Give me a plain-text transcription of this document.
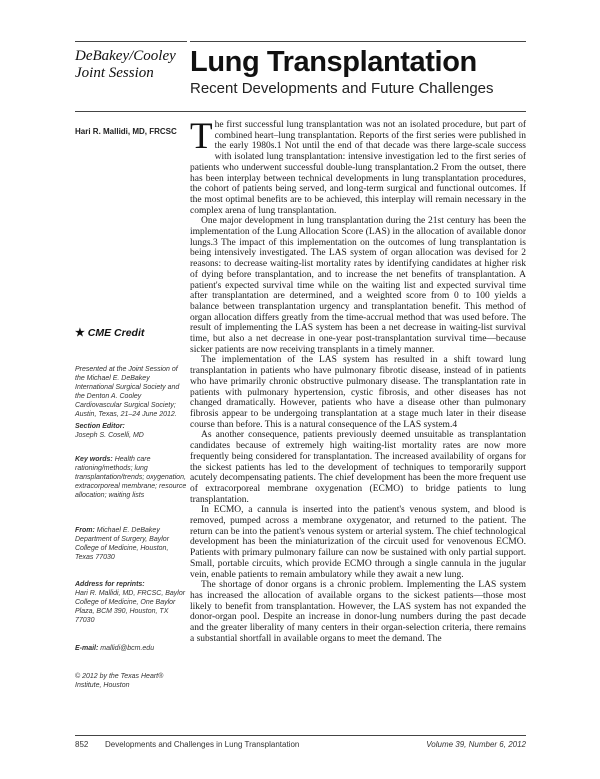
DeBakey/Cooley Joint Session	Lung Transplantation
Recent Developments and Future Challenges
Hari R. Mallidi, MD, FRCSC
★ CME Credit
Presented at the Joint Session of the Michael E. DeBakey International Surgical Society and the Denton A. Cooley Cardiovascular Surgical Society; Austin, Texas, 21–24 June 2012.
Section Editor:
Joseph S. Coselli, MD
Key words: Health care rationing/methods; lung transplantation/trends; oxygenation, extracorporeal membrane; resource allocation; waiting lists
From: Michael E. DeBakey Department of Surgery, Baylor College of Medicine, Houston, Texas 77030
Address for reprints:
Hari R. Mallidi, MD, FRCSC, Baylor College of Medicine, One Baylor Plaza, BCM 390, Houston, TX 77030
E-mail: mallidi@bcm.edu
© 2012 by the Texas Heart® Institute, Houston

The first successful lung transplantation was not an isolated procedure, but part of combined heart–lung transplantation. Reports of the first series were published in the early 1980s.1 Not until the end of that decade was there large-scale success with isolated lung transplantation: intensive investigation led to the first series of patients who underwent successful double-lung transplantation.2 From the outset, there has been interplay between technical developments in lung transplantation procedures, the cohort of patients being served, and long-term surgical and functional outcomes. If the most optimal benefits are to be achieved, this interplay will remain necessary in the complex arena of lung transplantation.

One major development in lung transplantation during the 21st century has been the implementation of the Lung Allocation Score (LAS) in the allocation of available donor lungs.3 The impact of this implementation on the outcomes of lung transplantation is being intensively investigated. The LAS system of organ allocation was devised for 2 reasons: to decrease waiting-list mortality rates by identifying candidates at higher risk of dying before transplantation, and to increase the net benefits of transplantation. A patient's expected survival time while on the waiting list and expected survival time after transplantation are determined, and a weighted score from 0 to 100 yields a balance between transplantation urgency and transplantation benefit. This method of organ allocation differs greatly from the time-accrual method that was used before. The result of implementing the LAS system has been a net decrease in waiting-list survival time, but also a net decrease in one-year post-transplantation survival time—because sicker patients are now receiving transplants in a timely manner.

The implementation of the LAS system has resulted in a shift toward lung transplantation in patients who have pulmonary fibrotic disease, instead of in patients who have primarily chronic obstructive pulmonary disease. The transplantation rate in patients with pulmonary hypertension, cystic fibrosis, and other diseases has not changed dramatically. However, patients who have a disease other than pulmonary fibrosis appear to be undergoing transplantation at a stage much later in their disease course than before. This is a natural consequence of the LAS system.4

As another consequence, patients previously deemed unsuitable as transplantation candidates because of extremely high waiting-list mortality rates are now more frequently being considered for transplantation. The increased availability of organs for the sickest patients has led to the development of techniques to temporarily support acutely decompensating patients. The chief development has been the more frequent use of extracorporeal membrane oxygenation (ECMO) to bridge patients to lung transplantation.

In ECMO, a cannula is inserted into the patient's venous system, and blood is removed, pumped across a membrane oxygenator, and returned to the patient. The return can be into the patient's venous system or arterial system. The chief technological development has been the miniaturization of the circuit used for venovenous ECMO. Patients with primary pulmonary failure can now be sustained with only partial support. Small, portable circuits, which provide ECMO through a single cannula in the jugular vein, enable patients to remain ambulatory while they await a new lung.

The shortage of donor organs is a chronic problem. Implementing the LAS system has increased the allocation of available organs to the sickest patients—those most likely to benefit from transplantation. However, the LAS system has not expanded the donor-organ pool. Despite an increase in donor-lung numbers during the past decade and the greater liberality of many centers in their organ-selection criteria, there remains a substantial shortfall in available organs to meet the demand. The

852 Developments and Challenges in Lung Transplantation	Volume 39, Number 6, 2012
